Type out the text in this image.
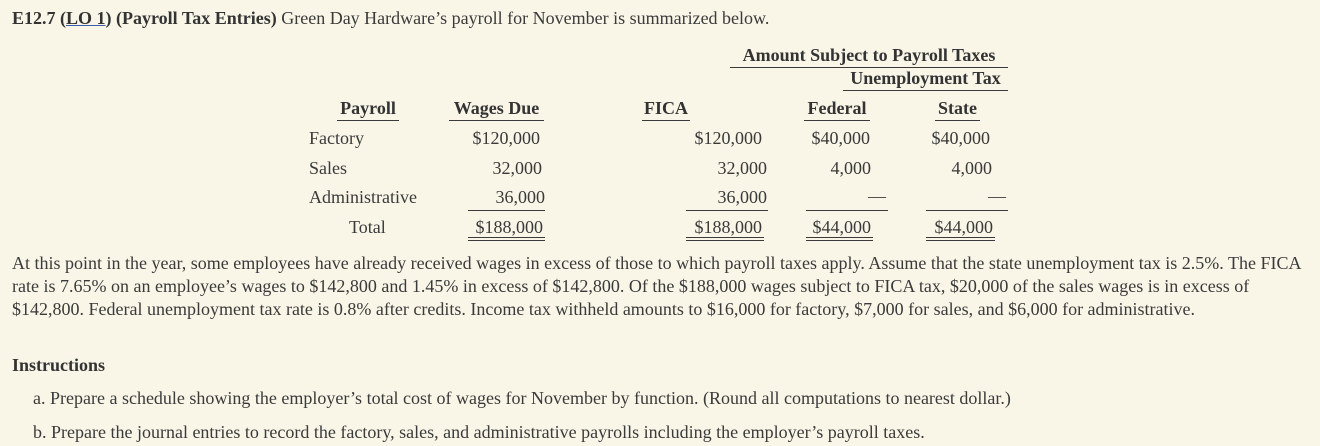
E12.7 (LO 1) (Payroll Tax Entries) Green Day Hardware’s payroll for November is summarized below.
Amount Subject to Payroll Taxes
Unemployment Tax
Payroll	Wages Due	FICA	Federal	State
Factory	$120,000	$120,000	$40,000	$40,000
Sales	32,000	32,000	4,000	4,000
Administrative	36,000	36,000	—	—
Total	$188,000	$188,000	$44,000	$44,000
At this point in the year, some employees have already received wages in excess of those to which payroll taxes apply. Assume that the state unemployment tax is 2.5%. The FICA rate is 7.65% on an employee’s wages to $142,800 and 1.45% in excess of $142,800. Of the $188,000 wages subject to FICA tax, $20,000 of the sales wages is in excess of $142,800. Federal unemployment tax rate is 0.8% after credits. Income tax withheld amounts to $16,000 for factory, $7,000 for sales, and $6,000 for administrative.
Instructions
a. Prepare a schedule showing the employer’s total cost of wages for November by function. (Round all computations to nearest dollar.)
b. Prepare the journal entries to record the factory, sales, and administrative payrolls including the employer’s payroll taxes.
